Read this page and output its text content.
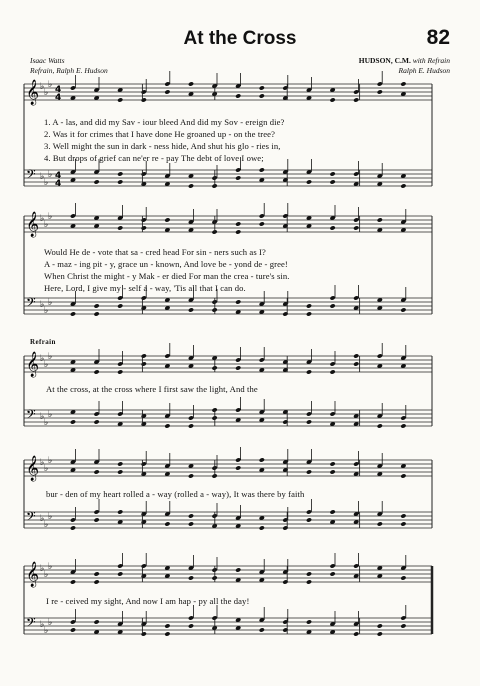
At the Cross	82
Isaac Watts
Refrain, Ralph E. Hudson
HUDSON, C.M. with Refrain
Ralph E. Hudson
𝄞 ♭
♭
♭ 4
4
𝄢 ♭
♭
♭ 4
4
𝄞 ♭
♭
♭
𝄢 ♭
♭
♭
𝄞 ♭
♭
♭
𝄢 ♭
♭
♭
𝄞 ♭
♭
♭
𝄢 ♭
♭
♭
𝄞 ♭
♭
♭
𝄢 ♭
♭
♭
1. A - las, and did my Sav - iour bleed And did my Sov - ereign die?
2. Was it for crimes that I have done He groaned up - on the tree?
3. Well might the sun in dark - ness hide, And shut his glo - ries in,
4. But drops of grief can ne'er re - pay The debt of love I owe;
Would He de - vote that sa - cred head For sin - ners such as I?
A - maz - ing pit - y, grace un - known, And love be - yond de - gree!
When Christ the might - y Mak - er died For man the crea - ture's sin.
Here, Lord, I give my - self a - way, 'Tis all that I can do.
Refrain
At the cross, at the cross where I first saw the light, And the
bur - den of my heart rolled a - way (rolled a - way), It was there by faith
I re - ceived my sight, And now I am hap - py all the day!
